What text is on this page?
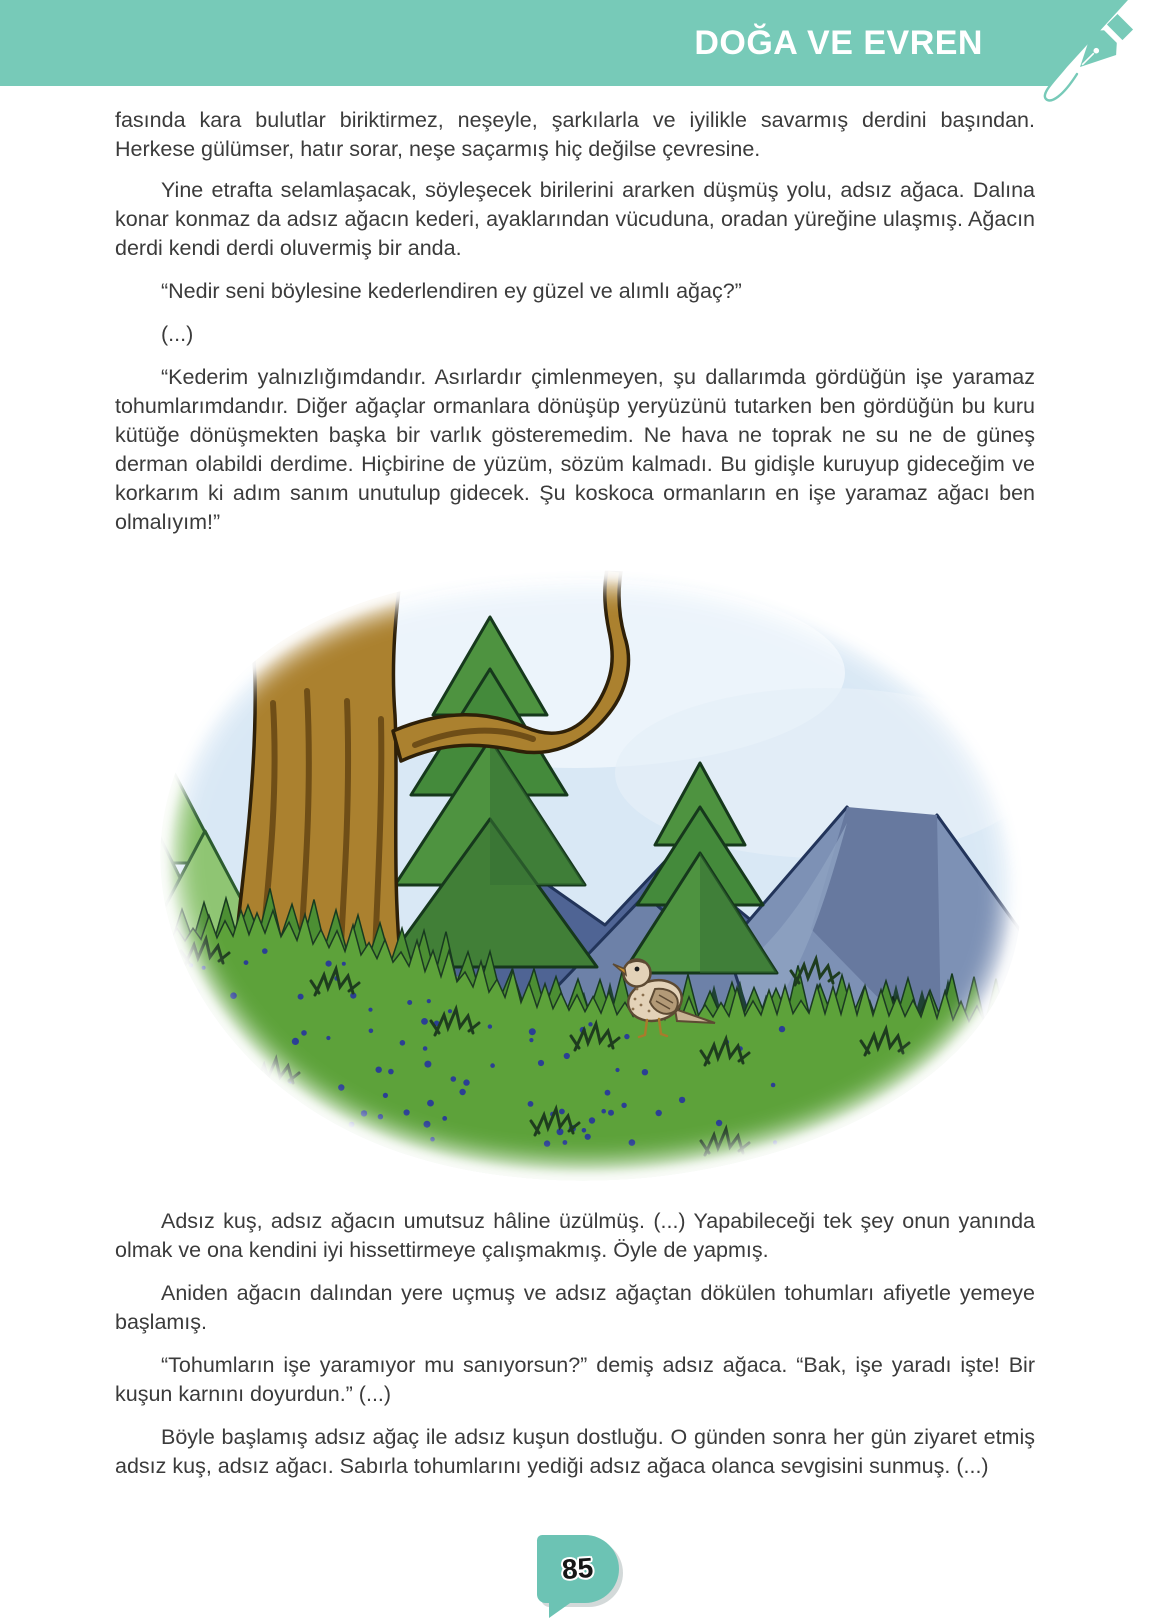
DOĞA VE EVREN

fasında kara bulutlar biriktirmez, neşeyle, şarkılarla ve iyilikle savarmış derdini başından. Herkese gülümser, hatır sorar, neşe saçarmış hiç değilse çevresine.

Yine etrafta selamlaşacak, söyleşecek birilerini ararken düşmüş yolu, adsız ağaca. Dalına konar konmaz da adsız ağacın kederi, ayaklarından vücuduna, oradan yüreğine ulaşmış. Ağacın derdi kendi derdi oluvermiş bir anda.

“Nedir seni böylesine kederlendiren ey güzel ve alımlı ağaç?”

(...)

“Kederim yalnızlığımdandır. Asırlardır çimlenmeyen, şu dallarımda gördüğün işe yaramaz tohumlarımdandır. Diğer ağaçlar ormanlara dönüşüp yeryüzünü tutarken ben gördüğün bu kuru kütüğe dönüşmekten başka bir varlık gösteremedim. Ne hava ne toprak ne su ne de güneş derman olabildi derdime. Hiçbirine de yüzüm, sözüm kalmadı. Bu gidişle kuruyup gideceğim ve korkarım ki adım sanım unutulup gidecek. Şu koskoca ormanların en işe yaramaz ağacı ben olmalıyım!”

Adsız kuş, adsız ağacın umutsuz hâline üzülmüş. (...) Yapabileceği tek şey onun yanında olmak ve ona kendini iyi hissettirmeye çalışmakmış. Öyle de yapmış.

Aniden ağacın dalından yere uçmuş ve adsız ağaçtan dökülen tohumları afiyetle yemeye başlamış.

“Tohumların işe yaramıyor mu sanıyorsun?” demiş adsız ağaca. “Bak, işe yaradı işte! Bir kuşun karnını doyurdun.” (...)

Böyle başlamış adsız ağaç ile adsız kuşun dostluğu. O günden sonra her gün ziyaret etmiş adsız kuş, adsız ağacı. Sabırla tohumlarını yediği adsız ağaca olanca sevgisini sunmuş. (...)

85
